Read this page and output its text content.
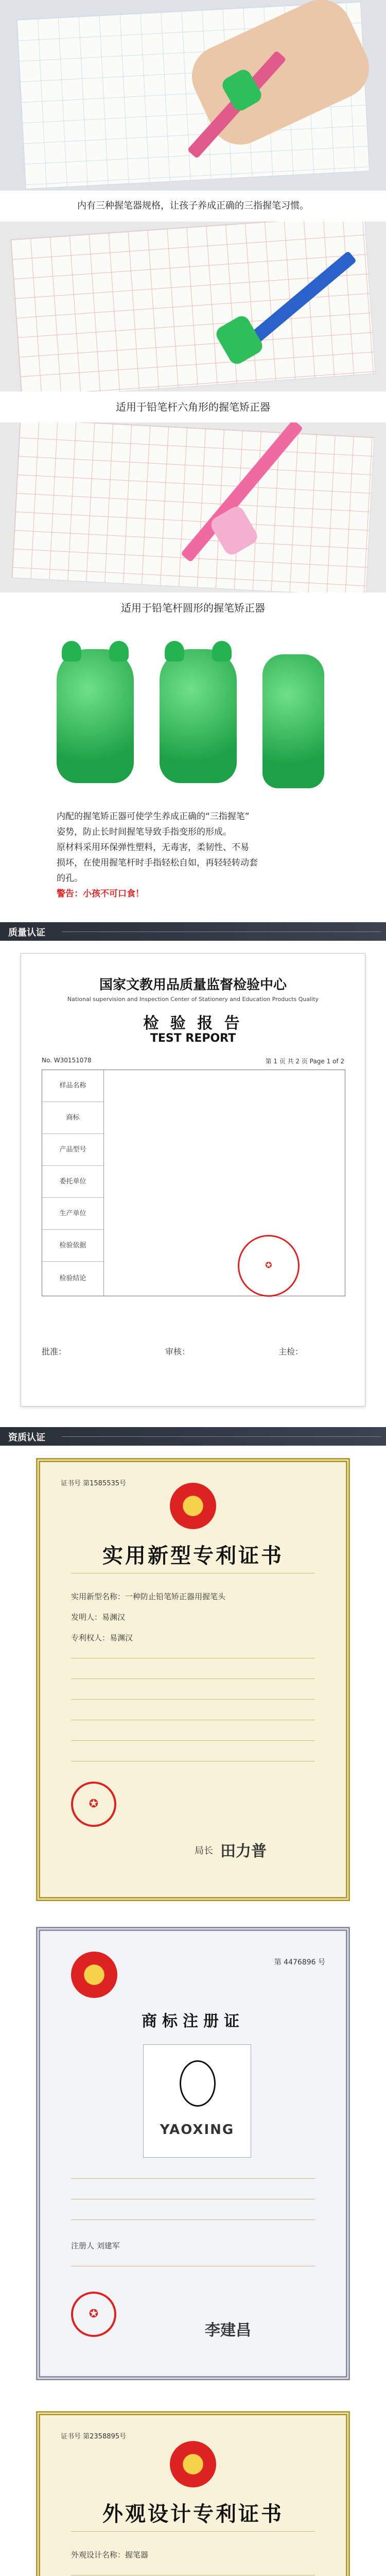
内有三种握笔器规格，让孩子养成正确的三指握笔习惯。
适用于铅笔杆六角形的握笔矫正器
适用于铅笔杆圆形的握笔矫正器
内配的握笔矫正器可使学生养成正确的“三指握笔”
姿势，防止长时间握笔导致手指变形的形成。
原材料采用环保弹性塑料，无毒害，柔韧性、不易
损坏，在使用握笔杆时手指轻松自如，再轻轻转动套
的孔。
警告：小孩不可口食！
质量认证
国家文教用品质量监督检验中心
National supervision and Inspection Center of Stationery and Education Products Quality
检 验 报 告
TEST REPORT
No. W30151078	第 1 页 共 2 页 Page 1 of 2
样品名称
商标
产品型号
委托单位
生产单位
检验依据
检验结论
✪
批准：	审核：	主检：
资质认证
证书号 第1585535号
实用新型专利证书
实用新型名称：一种防止铅笔矫正器用握笔头
发明人：易渊汉
专利权人：易渊汉
✪
局长 田力普
第 4476896 号
商标注册证
YAOXING
注册人 刘建军
✪
李建昌
证书号 第2358895号
外观设计专利证书
外观设计名称：握笔器
